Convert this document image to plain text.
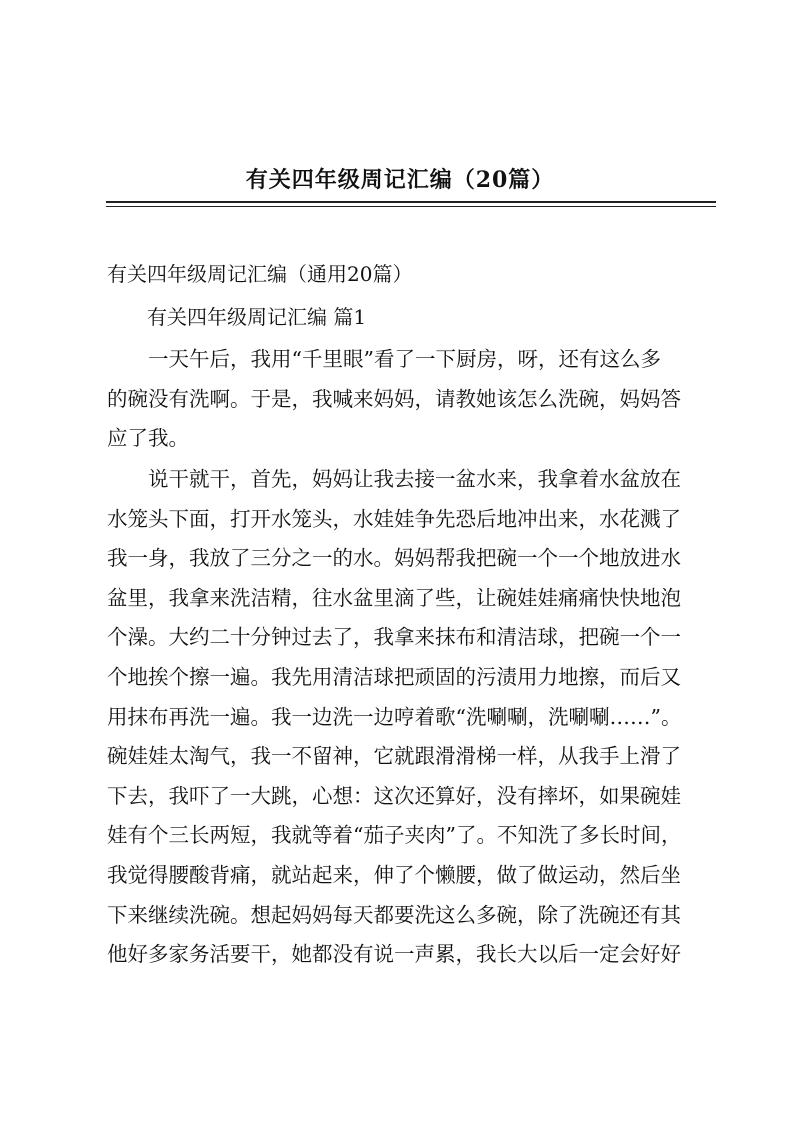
有关四年级周记汇编（20篇）
有关四年级周记汇编（通用20篇）
有关四年级周记汇编 篇1
　　一天午后，我用“千里眼”看了一下厨房，呀，还有这么多
的碗没有洗啊。于是，我喊来妈妈，请教她该怎么洗碗，妈妈答
应了我。
　　说干就干，首先，妈妈让我去接一盆水来，我拿着水盆放在
水笼头下面，打开水笼头，水娃娃争先恐后地冲出来，水花溅了
我一身，我放了三分之一的水。妈妈帮我把碗一个一个地放进水
盆里，我拿来洗洁精，往水盆里滴了些，让碗娃娃痛痛快快地泡
个澡。大约二十分钟过去了，我拿来抹布和清洁球，把碗一个一
个地挨个擦一遍。我先用清洁球把顽固的污渍用力地擦，而后又
用抹布再洗一遍。我一边洗一边哼着歌“洗唰唰，洗唰唰……”。
碗娃娃太淘气，我一不留神，它就跟滑滑梯一样，从我手上滑了
下去，我吓了一大跳，心想：这次还算好，没有摔坏，如果碗娃
娃有个三长两短，我就等着“茄子夹肉”了。不知洗了多长时间，
我觉得腰酸背痛，就站起来，伸了个懒腰，做了做运动，然后坐
下来继续洗碗。想起妈妈每天都要洗这么多碗，除了洗碗还有其
他好多家务活要干，她都没有说一声累，我长大以后一定会好好
